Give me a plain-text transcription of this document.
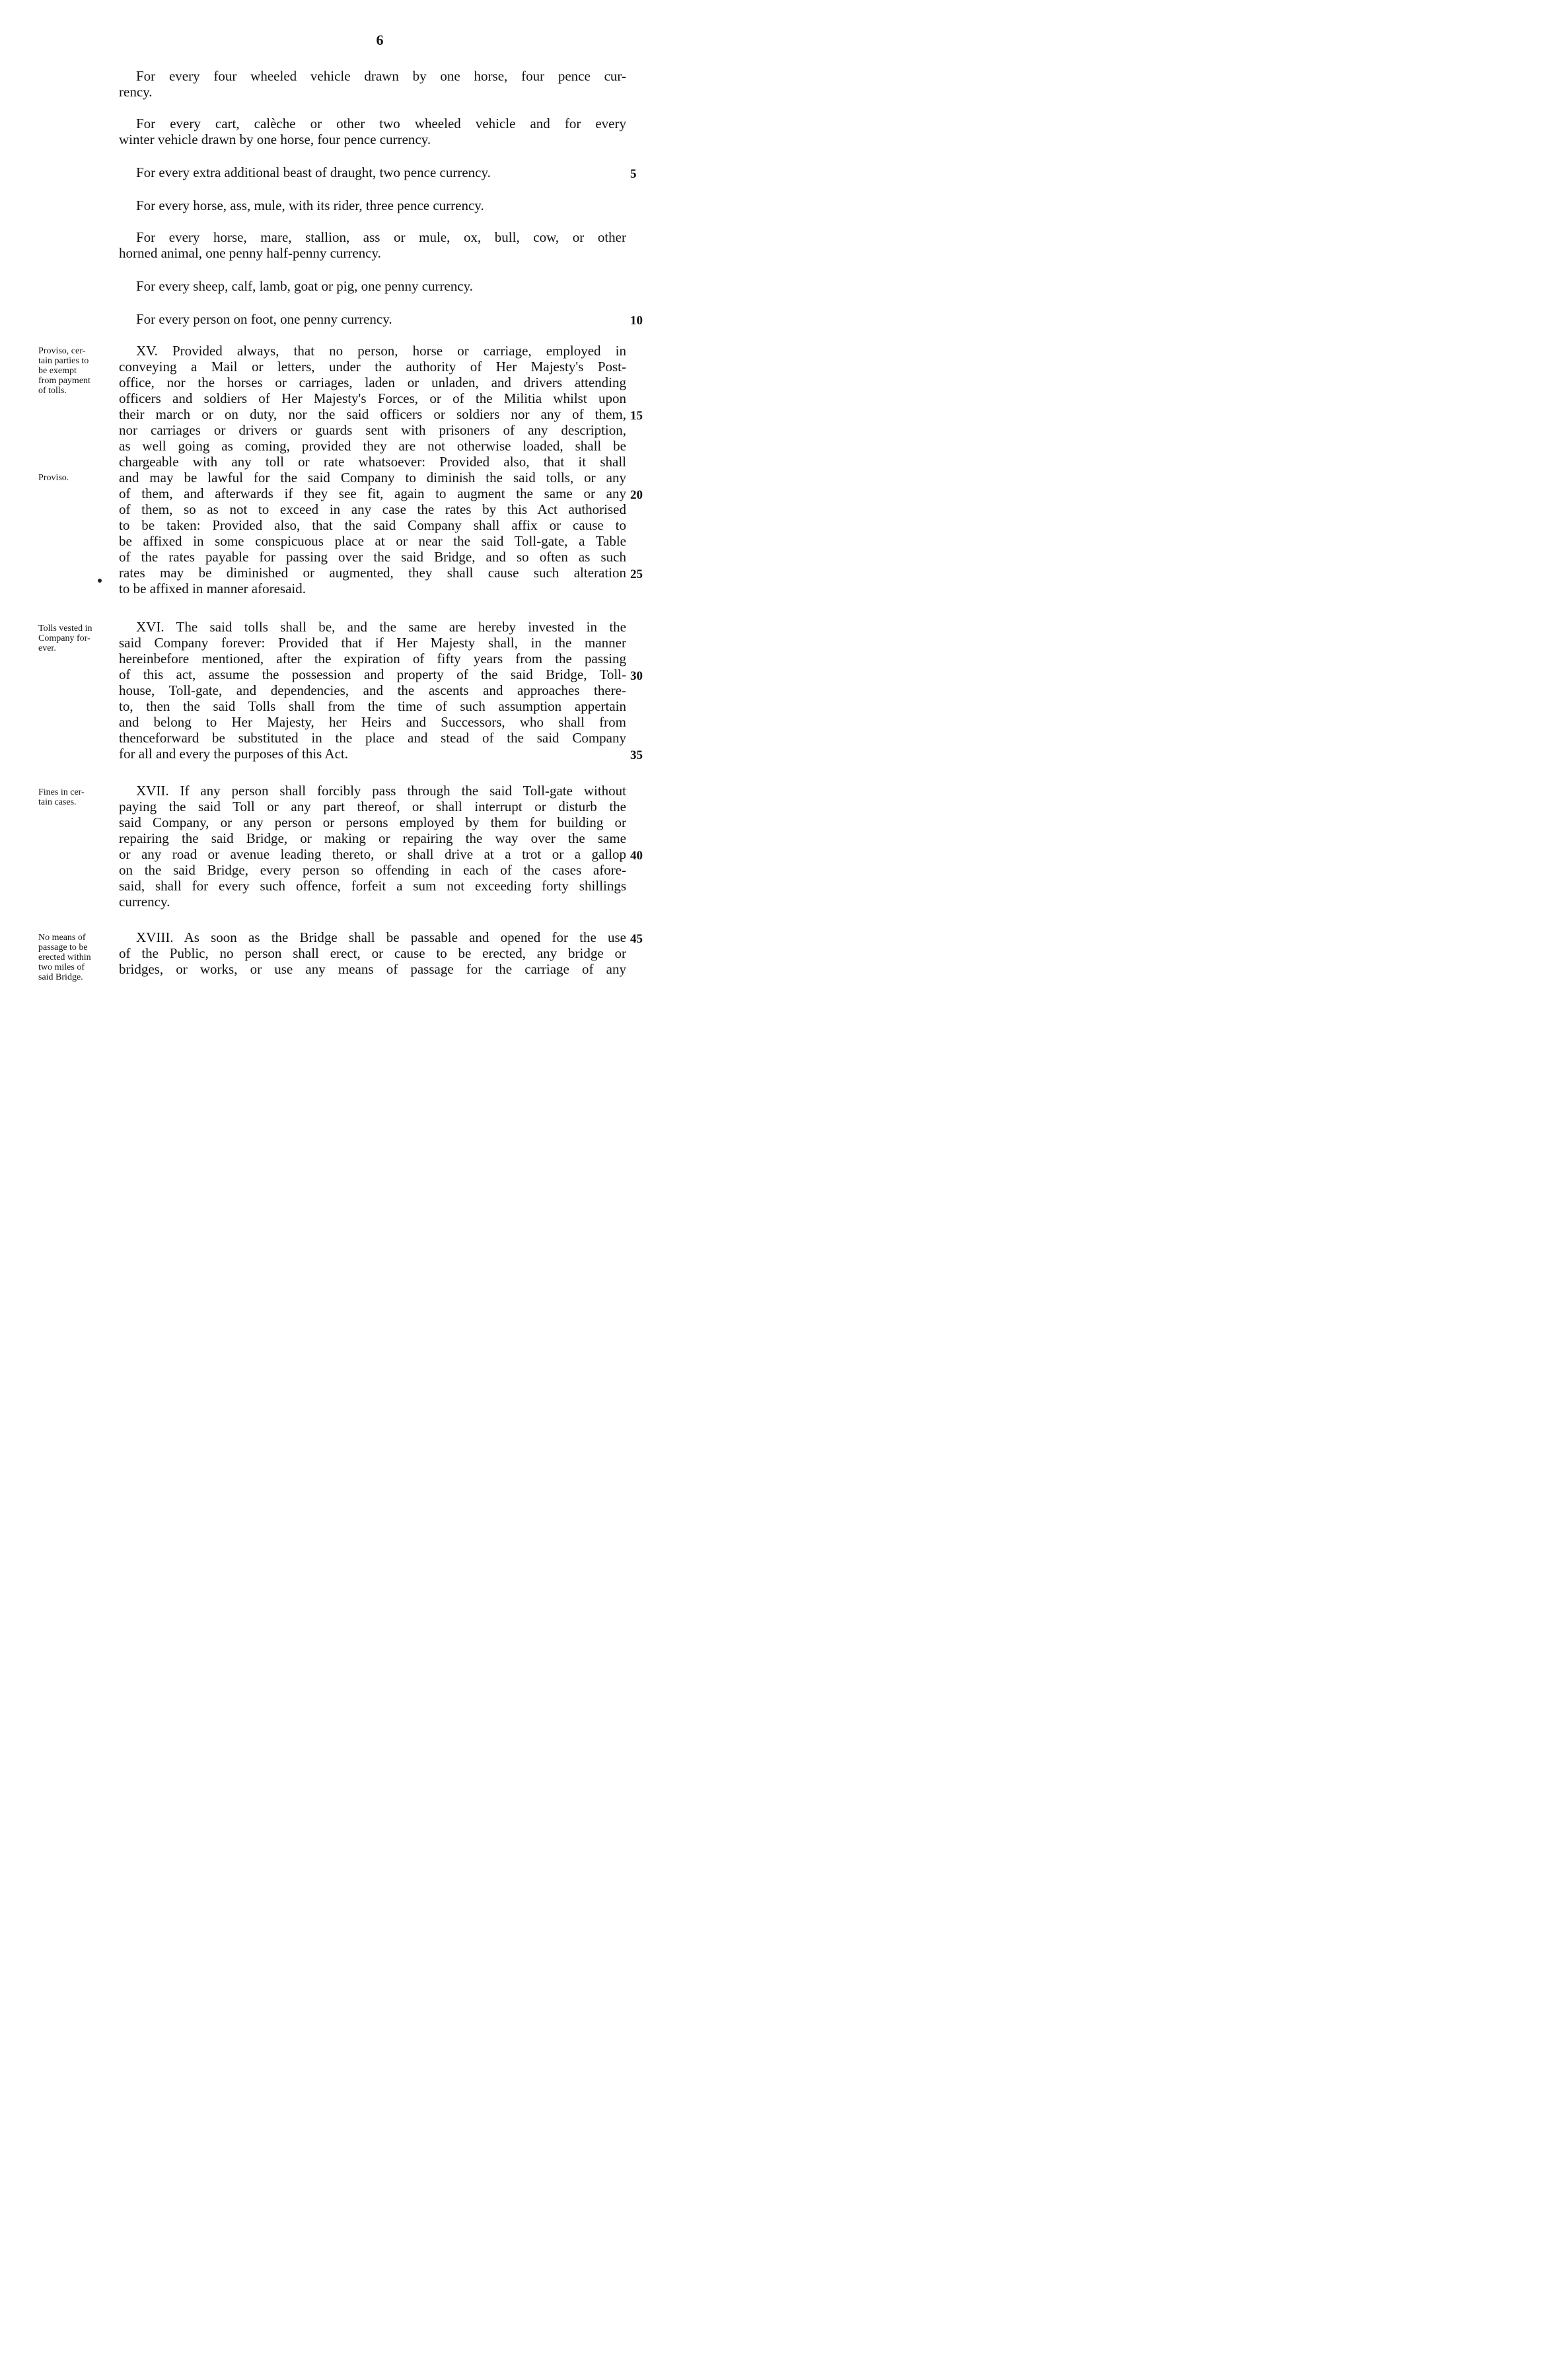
6
For every four wheeled vehicle drawn by one horse, four pence cur-
rency.
For every cart, calèche or other two wheeled vehicle and for every
winter vehicle drawn by one horse, four pence currency.
For every extra additional beast of draught, two pence currency.
For every horse, ass, mule, with its rider, three pence currency.
For every horse, mare, stallion, ass or mule, ox, bull, cow, or other
horned animal, one penny half-penny currency.
For every sheep, calf, lamb, goat or pig, one penny currency.
For every person on foot, one penny currency.
XV. Provided always, that no person, horse or carriage, employed in
conveying a Mail or letters, under the authority of Her Majesty's Post-
office, nor the horses or carriages, laden or unladen, and drivers attending
officers and soldiers of Her Majesty's Forces, or of the Militia whilst upon
their march or on duty, nor the said officers or soldiers nor any of them,
nor carriages or drivers or guards sent with prisoners of any description,
as well going as coming, provided they are not otherwise loaded, shall be
chargeable with any toll or rate whatsoever: Provided also, that it shall
and may be lawful for the said Company to diminish the said tolls, or any
of them, and afterwards if they see fit, again to augment the same or any
of them, so as not to exceed in any case the rates by this Act authorised
to be taken: Provided also, that the said Company shall affix or cause to
be affixed in some conspicuous place at or near the said Toll-gate, a Table
of the rates payable for passing over the said Bridge, and so often as such
rates may be diminished or augmented, they shall cause such alteration
to be affixed in manner aforesaid.
XVI. The said tolls shall be, and the same are hereby invested in the
said Company forever: Provided that if Her Majesty shall, in the manner
hereinbefore mentioned, after the expiration of fifty years from the passing
of this act, assume the possession and property of the said Bridge, Toll-
house, Toll-gate, and dependencies, and the ascents and approaches there-
to, then the said Tolls shall from the time of such assumption appertain
and belong to Her Majesty, her Heirs and Successors, who shall from
thenceforward be substituted in the place and stead of the said Company
for all and every the purposes of this Act.
XVII. If any person shall forcibly pass through the said Toll-gate without
paying the said Toll or any part thereof, or shall interrupt or disturb the
said Company, or any person or persons employed by them for building or
repairing the said Bridge, or making or repairing the way over the same
or any road or avenue leading thereto, or shall drive at a trot or a gallop
on the said Bridge, every person so offending in each of the cases afore-
said, shall for every such offence, forfeit a sum not exceeding forty shillings
currency.
XVIII. As soon as the Bridge shall be passable and opened for the use
of the Public, no person shall erect, or cause to be erected, any bridge or
bridges, or works, or use any means of passage for the carriage of any
5
10
15
20
25
30
35
40
45
Proviso, cer-
tain parties to
be exempt
from payment
of tolls.
Proviso.
Tolls vested in
Company for-
ever.
Fines in cer-
tain cases.
No means of
passage to be
erected within
two miles of
said Bridge.
